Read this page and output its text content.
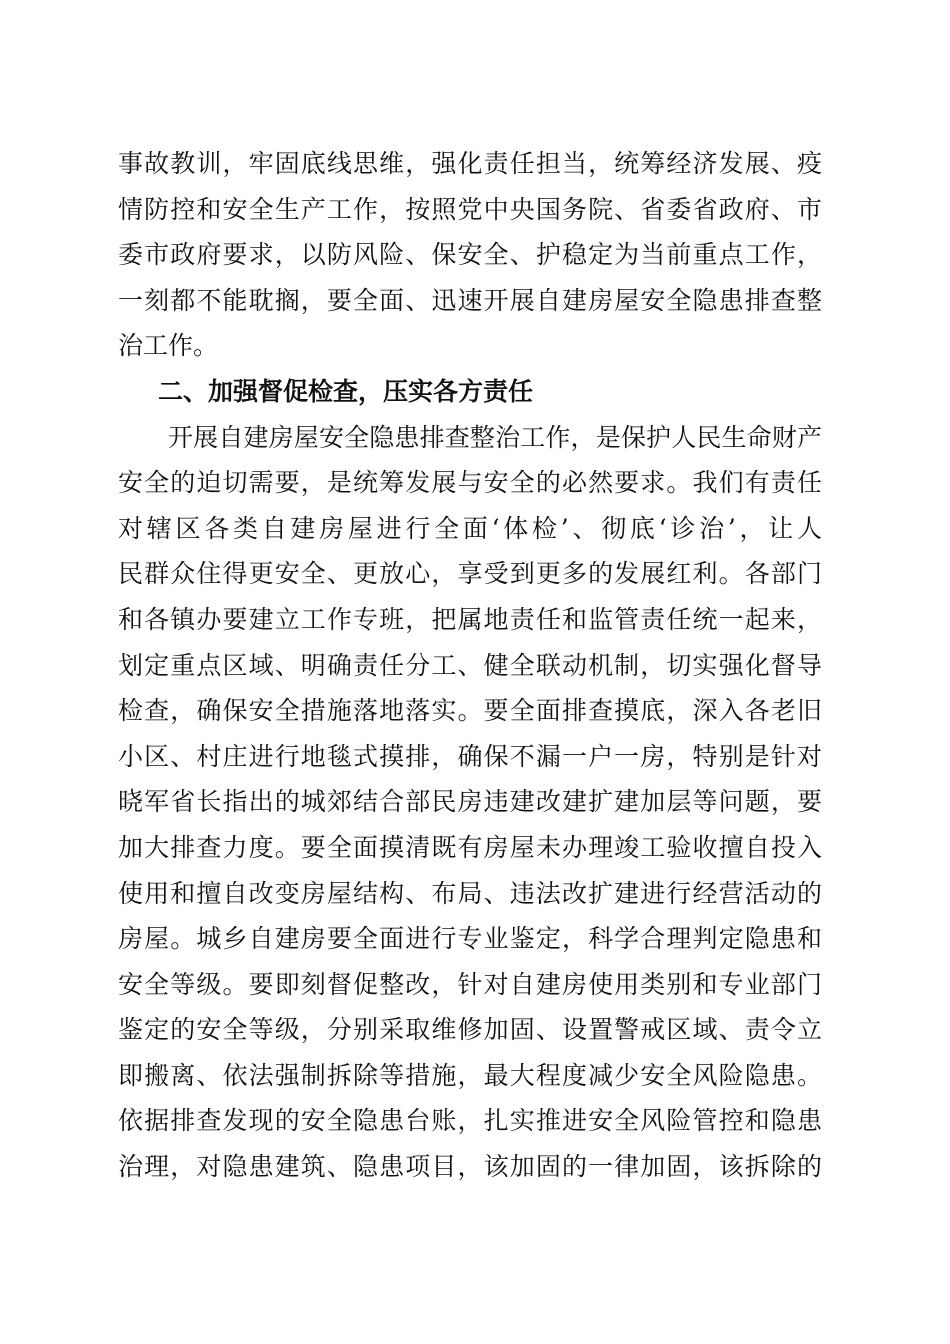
事故教训，牢固底线思维，强化责任担当，统筹经济发展、疫
情防控和安全生产工作，按照党中央国务院、省委省政府、市
委市政府要求，以防风险、保安全、护稳定为当前重点工作，
一刻都不能耽搁，要全面、迅速开展自建房屋安全隐患排查整
治工作。
二、加强督促检查，压实各方责任
开展自建房屋安全隐患排查整治工作，是保护人民生命财产
安全的迫切需要，是统筹发展与安全的必然要求。我们有责任
对辖区各类自建房屋进行全面‘体检’、彻底‘诊治’，让人
民群众住得更安全、更放心，享受到更多的发展红利。各部门
和各镇办要建立工作专班，把属地责任和监管责任统一起来，
划定重点区域、明确责任分工、健全联动机制，切实强化督导
检查，确保安全措施落地落实。要全面排查摸底，深入各老旧
小区、村庄进行地毯式摸排，确保不漏一户一房，特别是针对
晓军省长指出的城郊结合部民房违建改建扩建加层等问题，要
加大排查力度。要全面摸清既有房屋未办理竣工验收擅自投入
使用和擅自改变房屋结构、布局、违法改扩建进行经营活动的
房屋。城乡自建房要全面进行专业鉴定，科学合理判定隐患和
安全等级。要即刻督促整改，针对自建房使用类别和专业部门
鉴定的安全等级，分别采取维修加固、设置警戒区域、责令立
即搬离、依法强制拆除等措施，最大程度减少安全风险隐患。
依据排查发现的安全隐患台账，扎实推进安全风险管控和隐患
治理，对隐患建筑、隐患项目，该加固的一律加固，该拆除的
